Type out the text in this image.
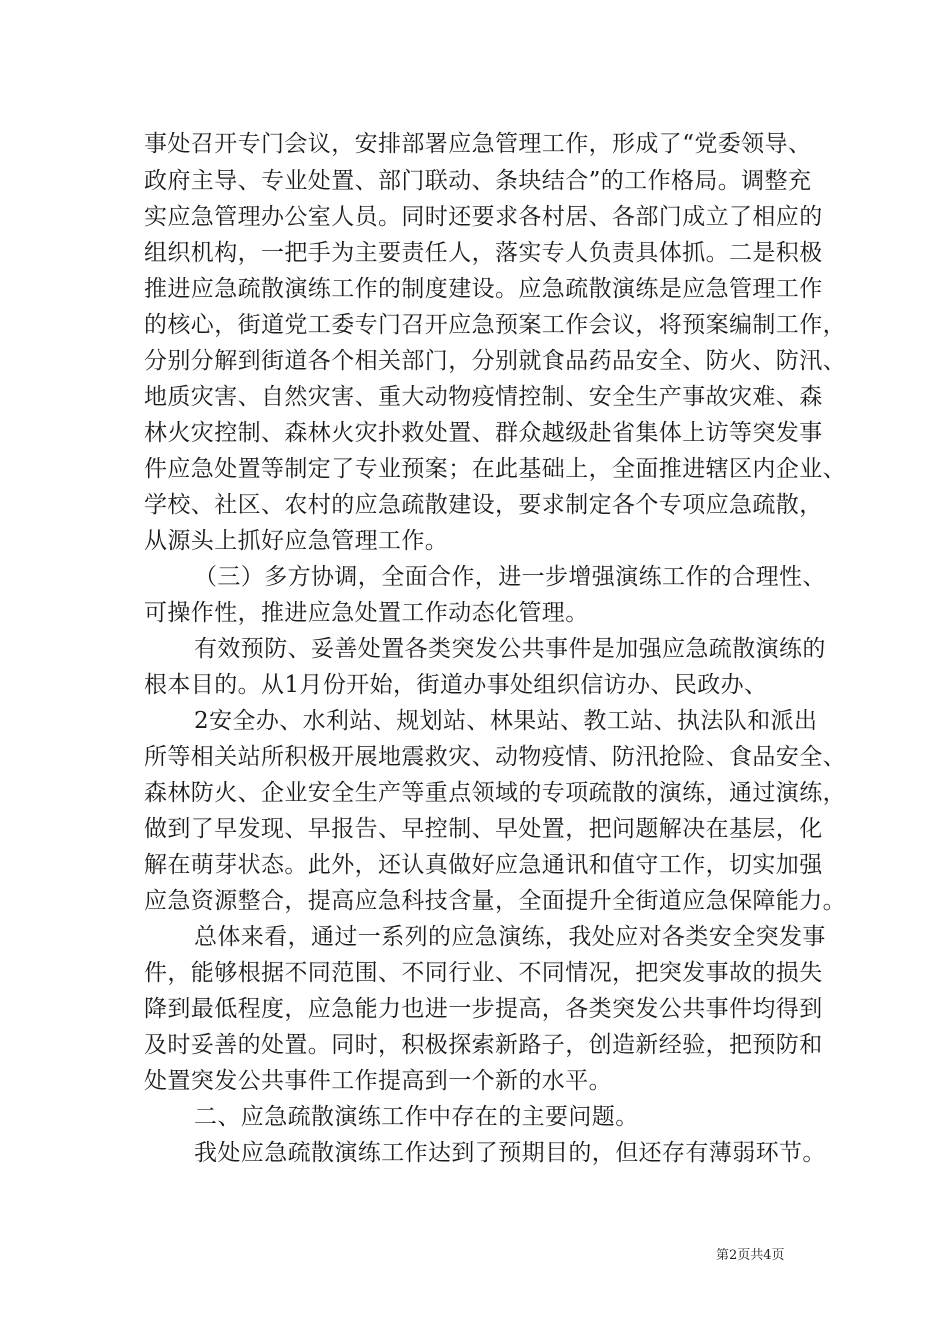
事处召开专门会议，安排部署应急管理工作，形成了“党委领导、
政府主导、专业处置、部门联动、条块结合”的工作格局。调整充
实应急管理办公室人员。同时还要求各村居、各部门成立了相应的
组织机构，一把手为主要责任人，落实专人负责具体抓。二是积极
推进应急疏散演练工作的制度建设。应急疏散演练是应急管理工作
的核心，街道党工委专门召开应急预案工作会议，将预案编制工作，
分别分解到街道各个相关部门，分别就食品药品安全、防火、防汛、
地质灾害、自然灾害、重大动物疫情控制、安全生产事故灾难、森
林火灾控制、森林火灾扑救处置、群众越级赴省集体上访等突发事
件应急处置等制定了专业预案；在此基础上，全面推进辖区内企业、
学校、社区、农村的应急疏散建设，要求制定各个专项应急疏散，
从源头上抓好应急管理工作。
（三）多方协调，全面合作，进一步增强演练工作的合理性、
可操作性，推进应急处置工作动态化管理。
有效预防、妥善处置各类突发公共事件是加强应急疏散演练的
根本目的。从1月份开始，街道办事处组织信访办、民政办、
2安全办、水利站、规划站、林果站、教工站、执法队和派出
所等相关站所积极开展地震救灾、动物疫情、防汛抢险、食品安全、
森林防火、企业安全生产等重点领域的专项疏散的演练，通过演练，
做到了早发现、早报告、早控制、早处置，把问题解决在基层，化
解在萌芽状态。此外，还认真做好应急通讯和值守工作，切实加强
应急资源整合，提高应急科技含量，全面提升全街道应急保障能力。
总体来看，通过一系列的应急演练，我处应对各类安全突发事
件，能够根据不同范围、不同行业、不同情况，把突发事故的损失
降到最低程度，应急能力也进一步提高，各类突发公共事件均得到
及时妥善的处置。同时，积极探索新路子，创造新经验，把预防和
处置突发公共事件工作提高到一个新的水平。
二、应急疏散演练工作中存在的主要问题。
我处应急疏散演练工作达到了预期目的，但还存有薄弱环节。
第2页共4页
